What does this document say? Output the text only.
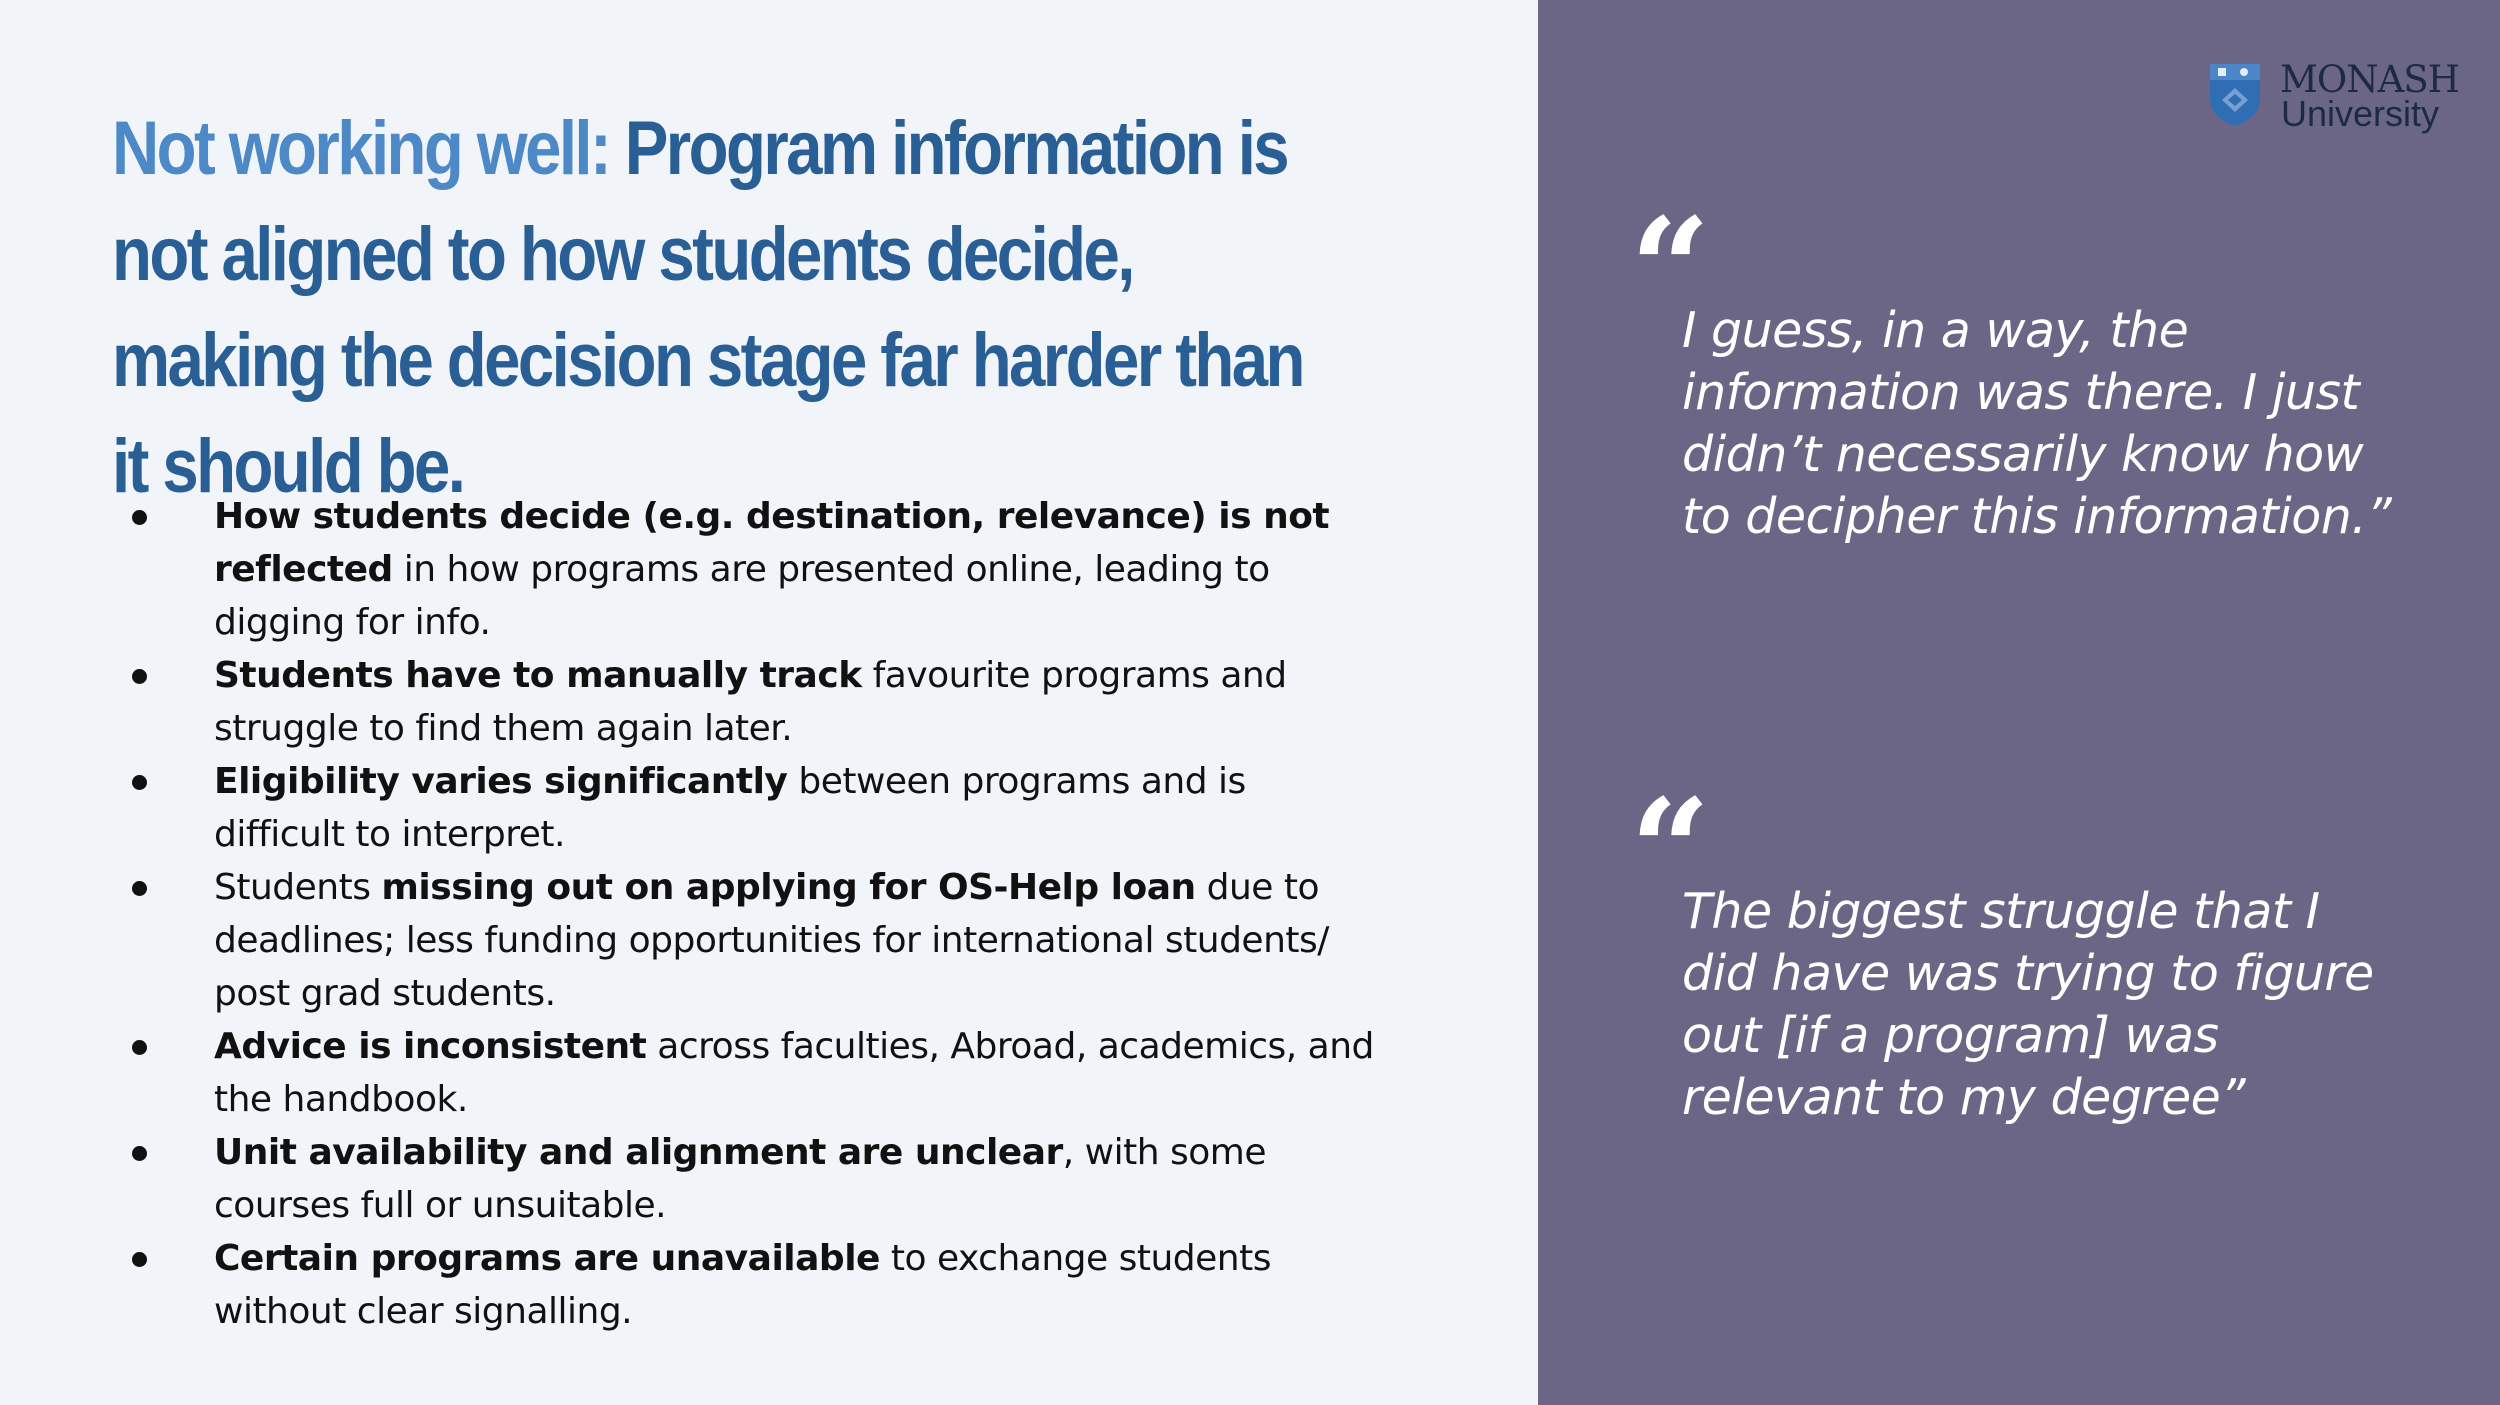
Not working well: Program information is not aligned to how students decide, making the decision stage far harder than it should be.
How students decide (e.g. destination, relevance) is not reflected in how programs are presented online, leading to digging for info.
Students have to manually track favourite programs and struggle to find them again later.
Eligibility varies significantly between programs and is difficult to interpret.
Students missing out on applying for OS-Help loan due to deadlines; less funding opportunities for international students/ post grad students.
Advice is inconsistent across faculties, Abroad, academics, and the handbook.
Unit availability and alignment are unclear, with some courses full or unsuitable.
Certain programs are unavailable to exchange students without clear signalling.
MONASH
University
“

I guess, in a way, the information was there. I just didn’t necessarily know how to decipher this information.”

“

The biggest struggle that I did have was trying to figure out [if a program] was relevant to my degree”
